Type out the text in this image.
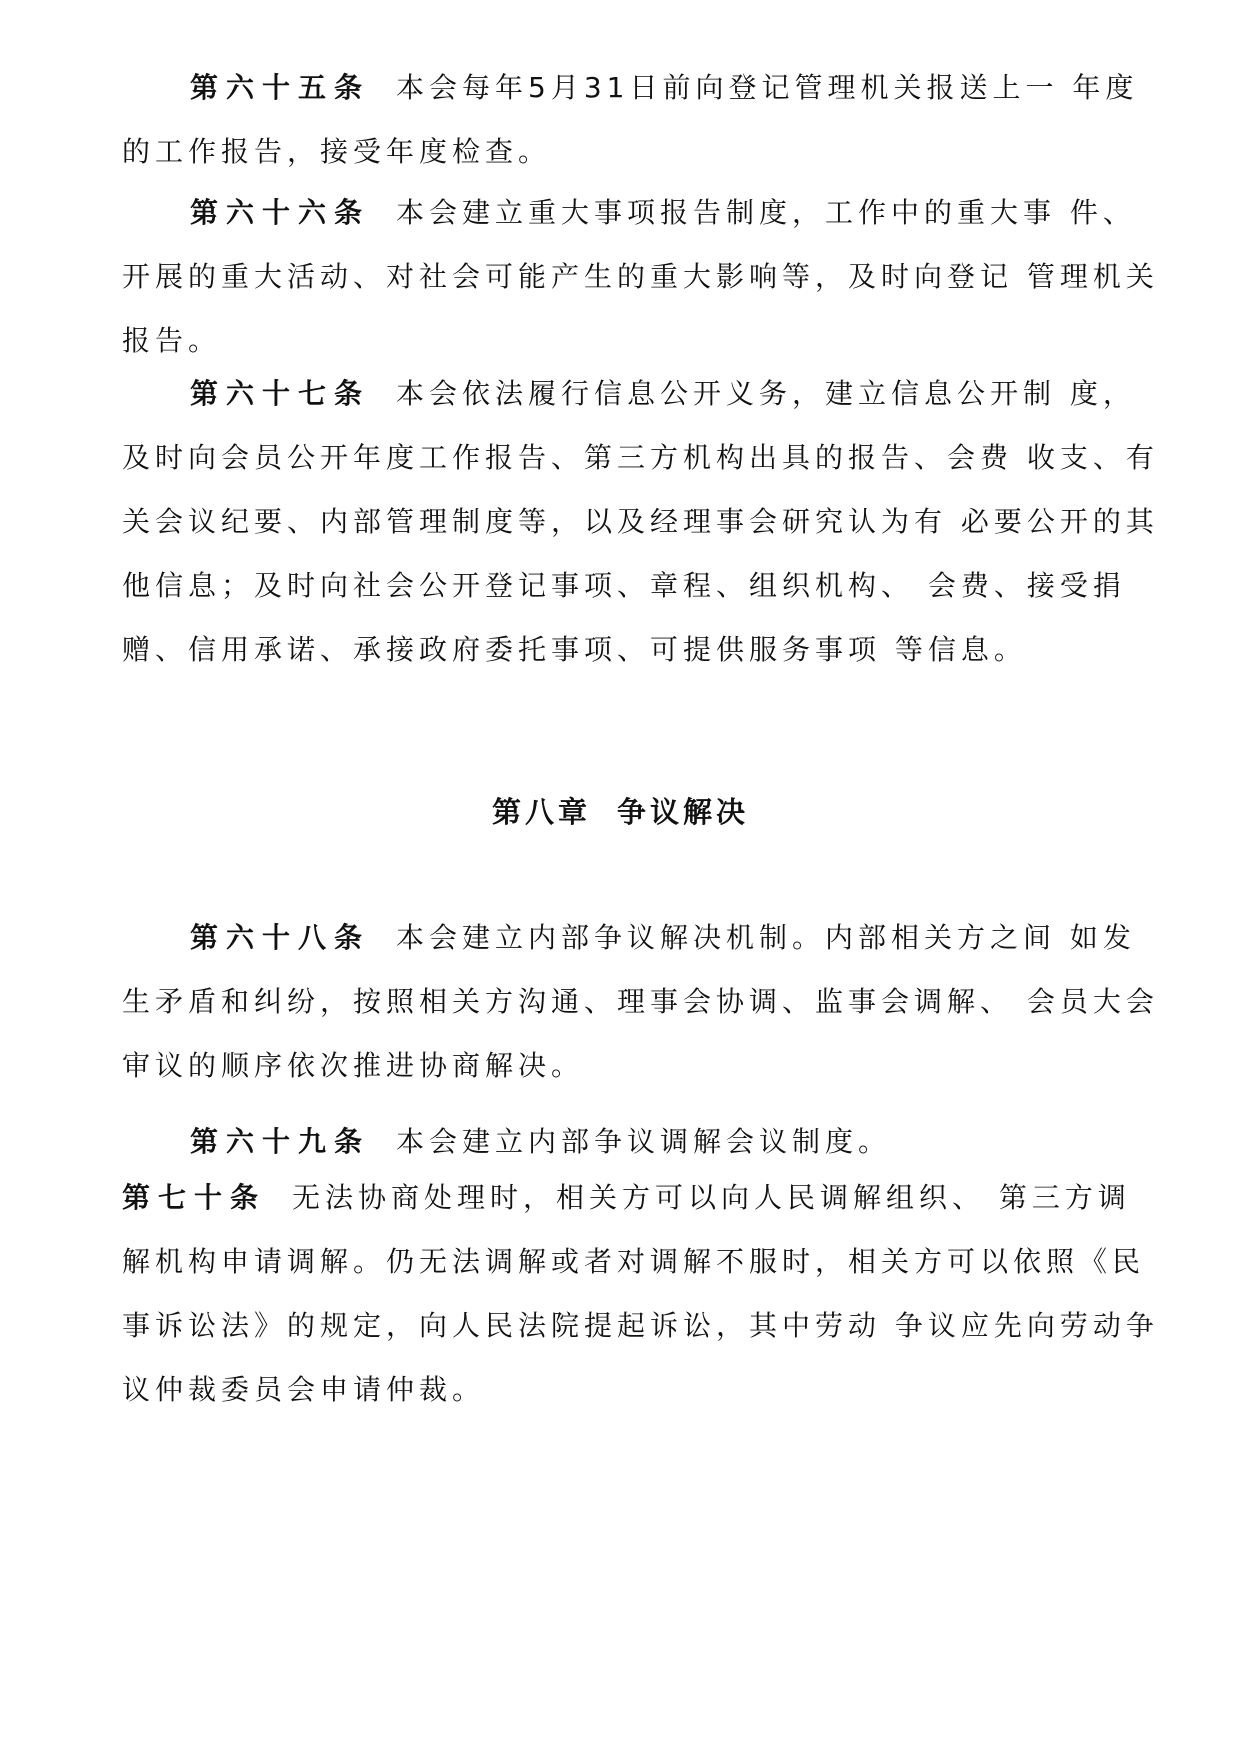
第六十五条 本会每年5月31日前向登记管理机关报送上一 年度的工作报告，接受年度检查。

第六十六条 本会建立重大事项报告制度，工作中的重大事 件、开展的重大活动、对社会可能产生的重大影响等，及时向登记 管理机关报告。

第六十七条 本会依法履行信息公开义务，建立信息公开制 度，及时向会员公开年度工作报告、第三方机构出具的报告、会费 收支、有关会议纪要、内部管理制度等，以及经理事会研究认为有 必要公开的其他信息；及时向社会公开登记事项、章程、组织机构、 会费、接受捐赠、信用承诺、承接政府委托事项、可提供服务事项 等信息。

第八章 争议解决

第六十八条 本会建立内部争议解决机制。内部相关方之间 如发生矛盾和纠纷，按照相关方沟通、理事会协调、监事会调解、 会员大会审议的顺序依次推进协商解决。

第六十九条 本会建立内部争议调解会议制度。

第七十条 无法协商处理时，相关方可以向人民调解组织、 第三方调解机构申请调解。仍无法调解或者对调解不服时，相关方可以依照《民事诉讼法》的规定，向人民法院提起诉讼，其中劳动 争议应先向劳动争议仲裁委员会申请仲裁。
